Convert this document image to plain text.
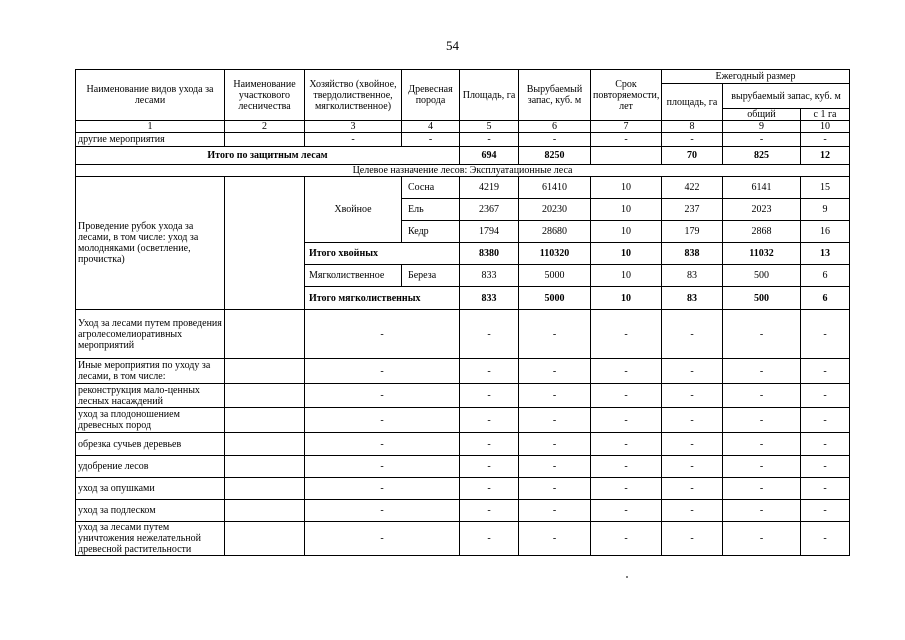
54
Наименование видов ухода за лесами	Наименование участкового лесничества	Хозяйство (хвойное, твердолиственное, мягколиственное)	Древесная порода	Площадь, га	Вырубаемый запас, куб. м	Срок повторяемости, лет	Ежегодный размер		
							площадь, га	вырубаемый запас, куб. м	
								общий	с 1 га
1	2	3	4	5	6	7	8	9	10
другие мероприятия		-	-	-	-	-	-	-	-
Итого по защитным лесам				694	8250		70	825	12
Целевое назначение лесов: Эксплуатационные леса									
Проведение рубок ухода за лесами, в том числе: уход за молодняками (осветление, прочистка)		Хвойное	Сосна	4219	61410	10	422	6141	15
			Ель	2367	20230	10	237	2023	9
			Кедр	1794	28680	10	179	2868	16
		Итого хвойных		8380	110320	10	838	11032	13
		Мягколиственное	Береза	833	5000	10	83	500	6
		Итого мягколиственных		833	5000	10	83	500	6
Уход за лесами путем проведения агролесомелиоративных мероприятий		-		-	-	-	-	-	-
Иные мероприятия по уходу за лесами, в том числе:		-		-	-	-	-	-	-
реконструкция мало-ценных лесных насаждений		-		-	-	-	-	-	-
уход за плодоношением древесных пород		-		-	-	-	-	-	-
обрезка сучьев деревьев		-		-	-	-	-	-	-
удобрение лесов		-		-	-	-	-	-	-
уход за опушками		-		-	-	-	-	-	-
уход за подлеском		-		-	-	-	-	-	-
уход за лесами путем уничтожения нежелательной древесной растительности		-		-	-	-	-	-	-
